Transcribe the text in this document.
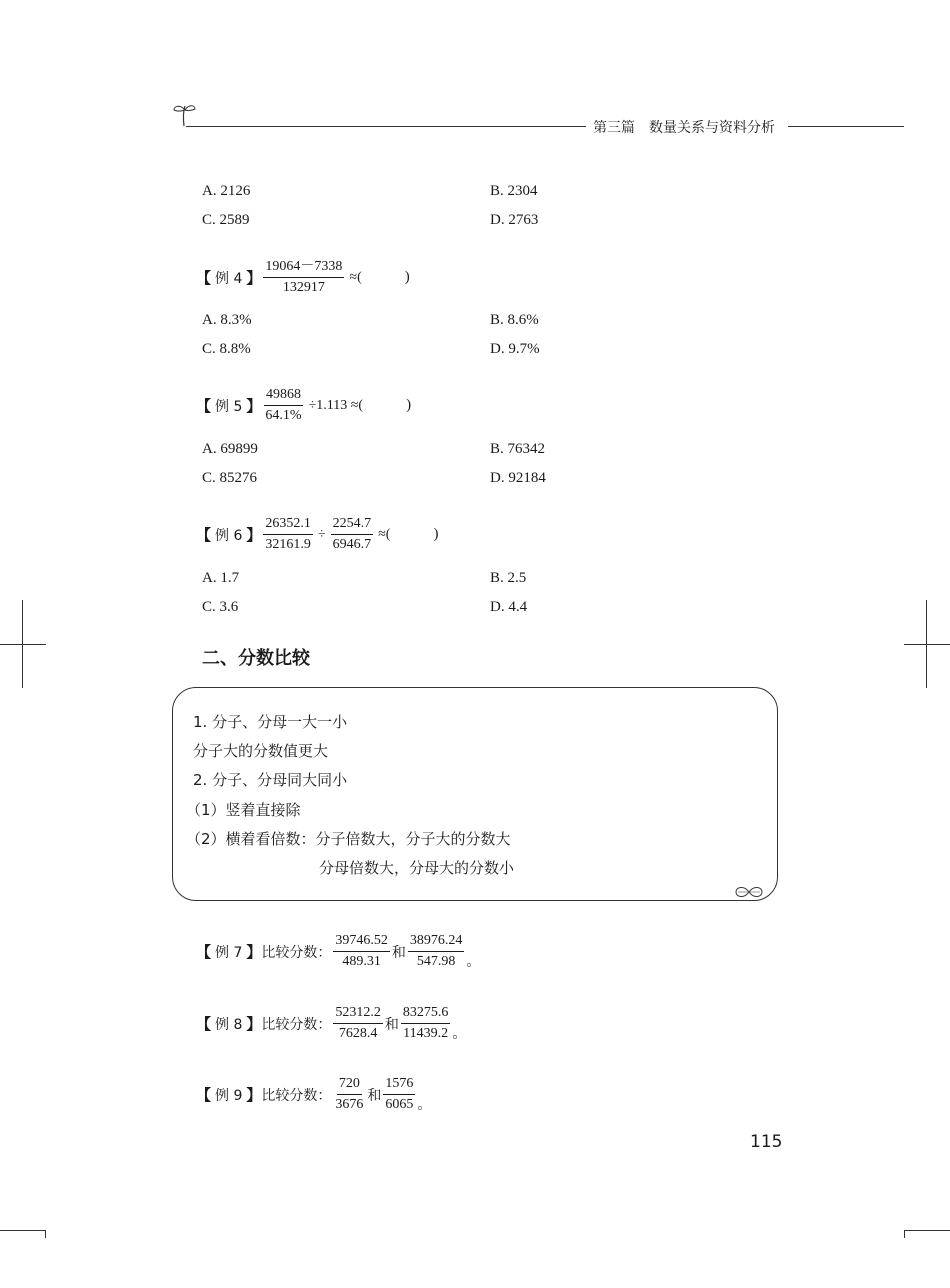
第三篇　数量关系与资料分析
A. 2126	B. 2304
C. 2589	D. 2763
【 例 4 】 $\frac{19064-7338}{132917}$ ≈(	)
A. 8.3%	B. 8.6%
C. 8.8%	D. 9.7%
【 例 5 】 $\frac{49868}{64.1\%} \div 1.113$ ≈(	)
A. 69899	B. 76342
C. 85276	D. 92184
【 例 6 】 $\frac{26352.1}{32161.9} \div \frac{2254.7}{6946.7}$ ≈(	)
A. 1.7	B. 2.5
C. 3.6	D. 4.4
二、分数比较
1. 分子、分母一大一小
分子大的分数值更大
2. 分子、分母同大同小
（1）竖着直接除
（2）横着看倍数：分子倍数大，分子大的分数大
分母倍数大，分母大的分数小
【 例 7 】 比较分数： $\frac{39746.52}{489.31}$ 和 $\frac{38976.24}{547.98}$ 。
【 例 8 】 比较分数： $\frac{52312.2}{7628.4}$ 和 $\frac{83275.6}{11439.2}$ 。
【 例 9 】 比较分数： $\frac{720}{3676}$ 和 $\frac{1576}{6065}$ 。
115
